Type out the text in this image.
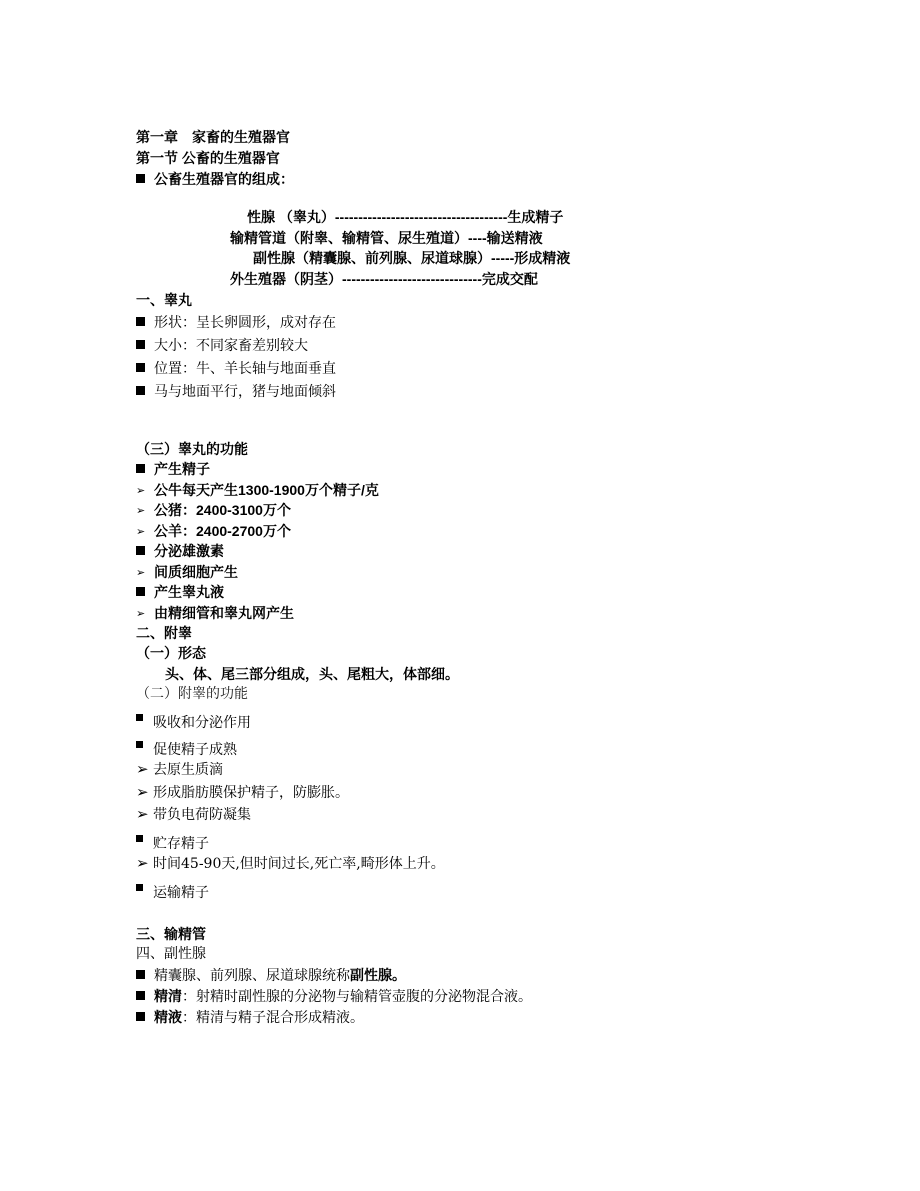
第一章　家畜的生殖器官
第一节 公畜的生殖器官
公畜生殖器官的组成：
性腺 （睾丸）-------------------------------------生成精子
输精管道（附睾、输精管、尿生殖道）----输送精液
副性腺（精囊腺、前列腺、尿道球腺）-----形成精液
外生殖器（阴茎）------------------------------完成交配
一、睾丸
形状：呈长卵圆形，成对存在
大小：不同家畜差别较大
位置：牛、羊长轴与地面垂直
马与地面平行，猪与地面倾斜
（三）睾丸的功能
产生精子
➢ 公牛每天产生1300-1900万个精子/克
➢ 公猪：2400-3100万个
➢ 公羊：2400-2700万个
分泌雄激素
➢ 间质细胞产生
产生睾丸液
➢ 由精细管和睾丸网产生
二、附睾
（一）形态
头、体、尾三部分组成，头、尾粗大，体部细。
（二）附睾的功能
吸收和分泌作用
促使精子成熟
➢ 去原生质滴
➢ 形成脂肪膜保护精子，防膨胀。
➢ 带负电荷防凝集
贮存精子
➢ 时间45-90天,但时间过长,死亡率,畸形体上升。
运输精子
三、输精管
四、副性腺
精囊腺、前列腺、尿道球腺统称副性腺。
精清：射精时副性腺的分泌物与输精管壶腹的分泌物混合液。
精液：精清与精子混合形成精液。
